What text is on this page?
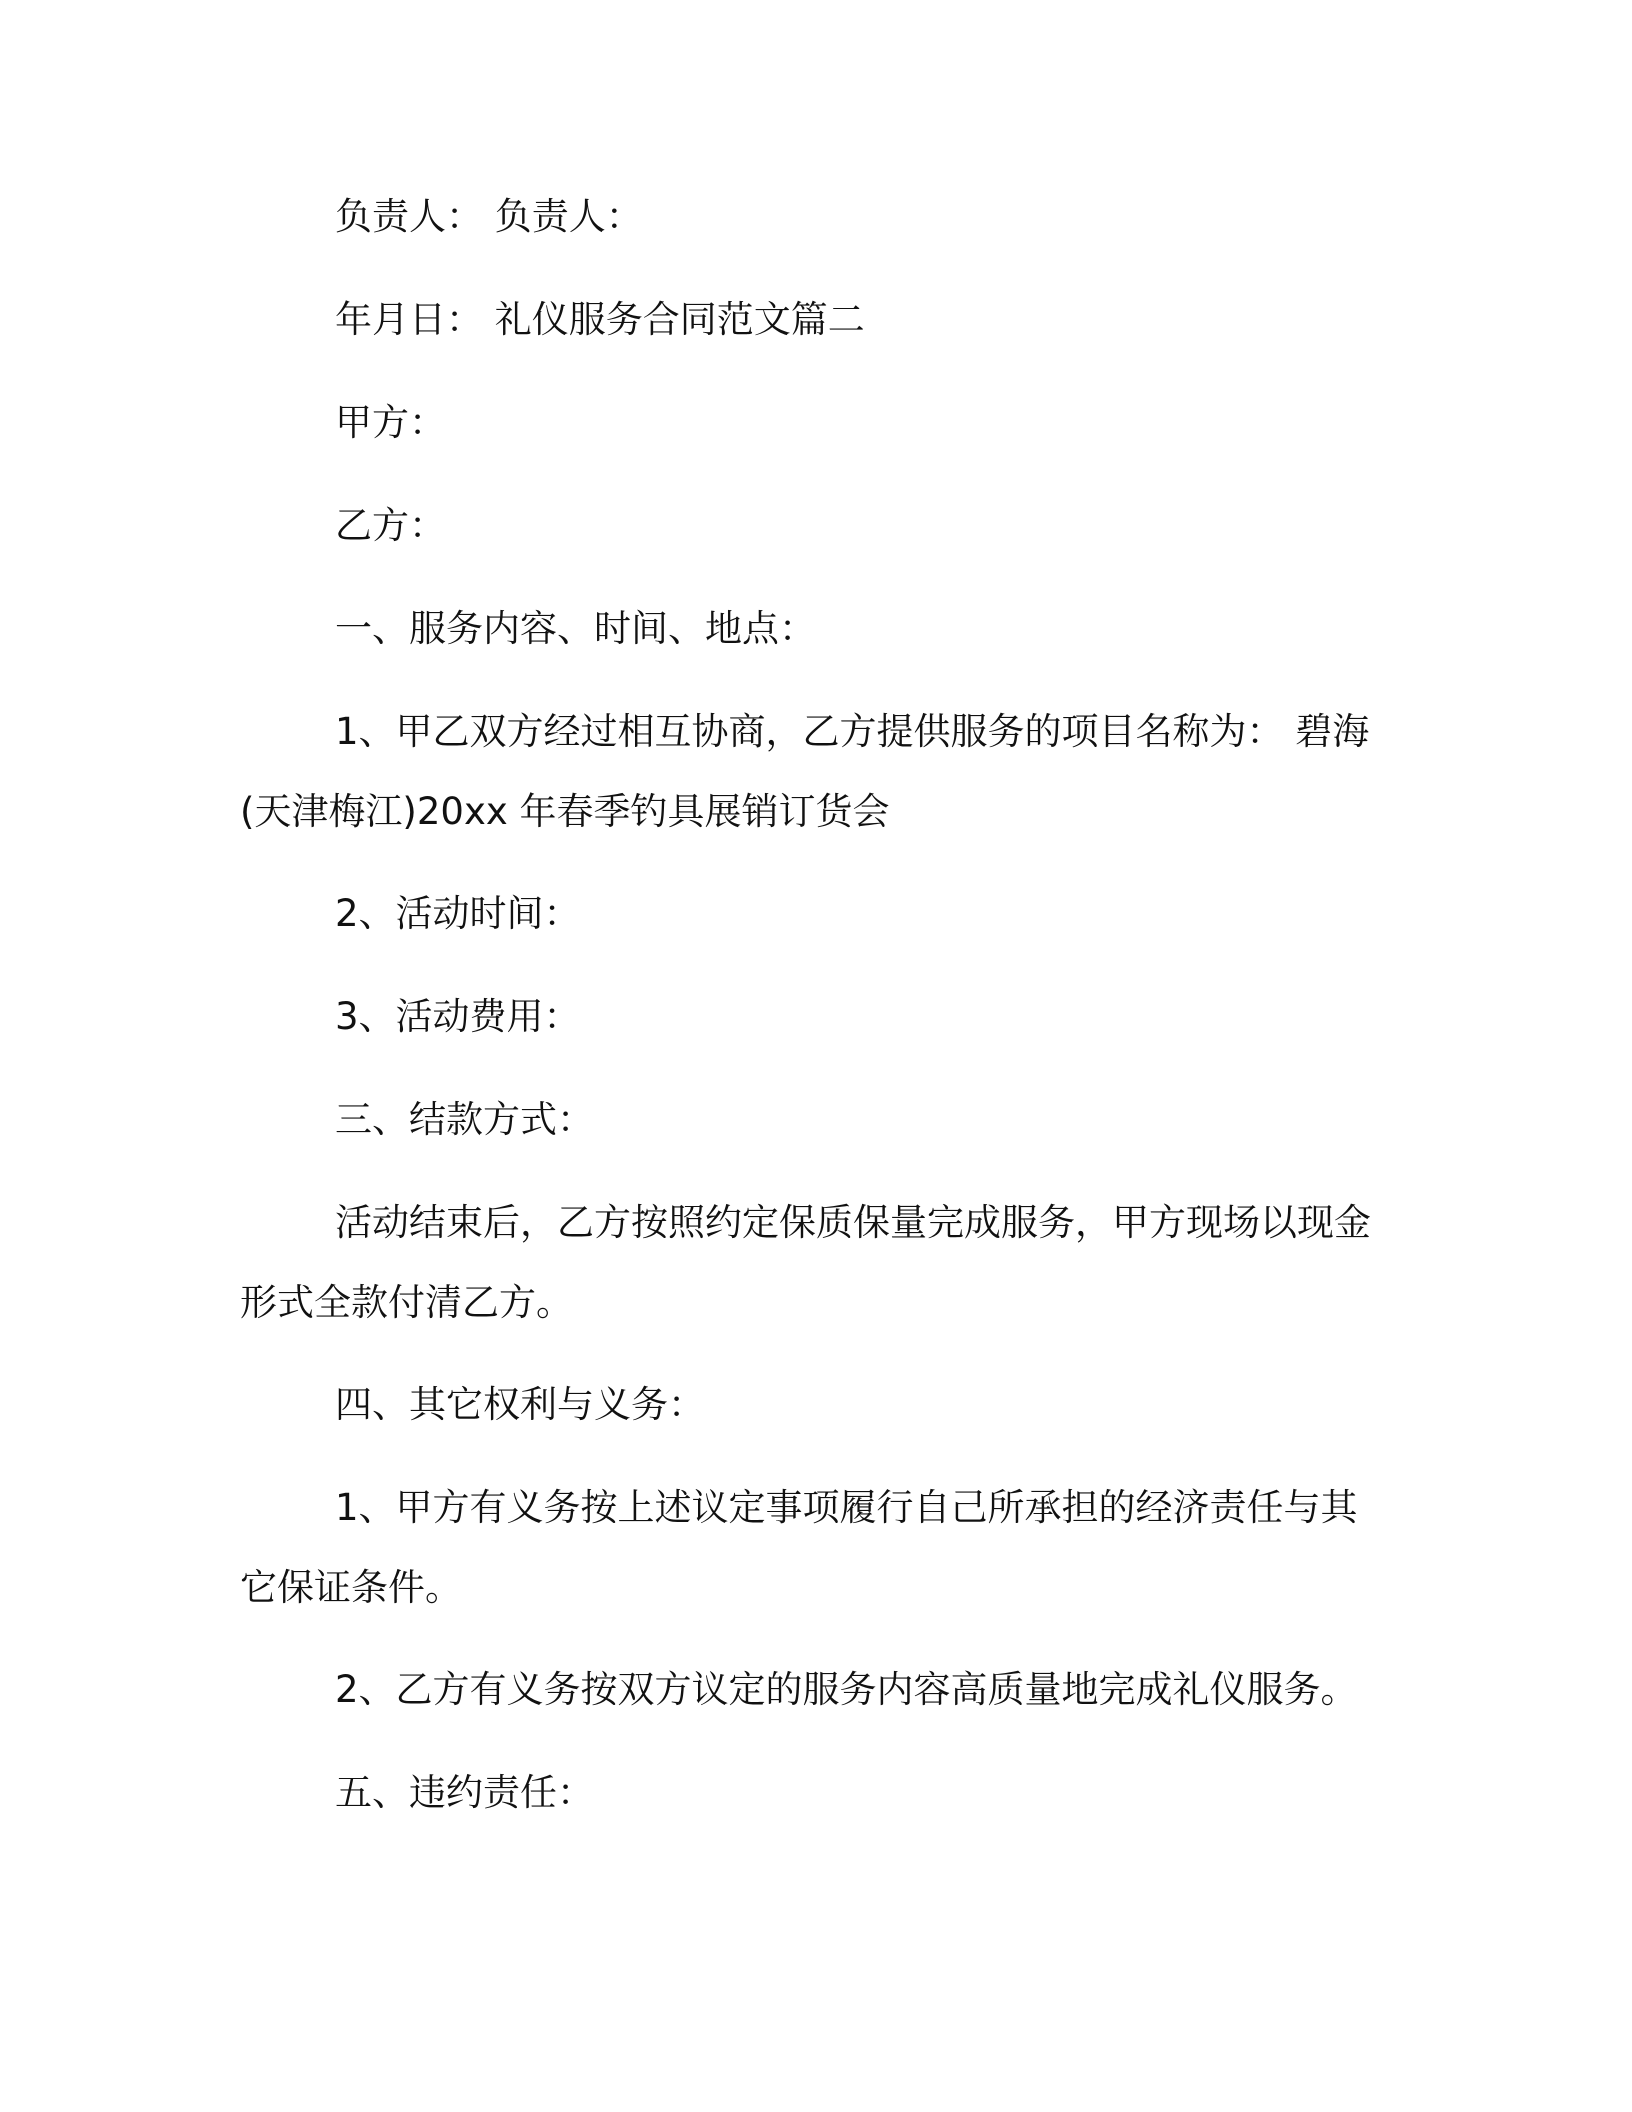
负责人： 负责人：

年月日： 礼仪服务合同范文篇二

甲方：

乙方：

一、服务内容、时间、地点：

1、甲乙双方经过相互协商，乙方提供服务的项目名称为： 碧海
(天津梅江)20xx 年春季钓具展销订货会

2、活动时间：

3、活动费用：

三、结款方式：

活动结束后，乙方按照约定保质保量完成服务，甲方现场以现金
形式全款付清乙方。

四、其它权利与义务：

1、甲方有义务按上述议定事项履行自己所承担的经济责任与其
它保证条件。

2、乙方有义务按双方议定的服务内容高质量地完成礼仪服务。

五、违约责任：
